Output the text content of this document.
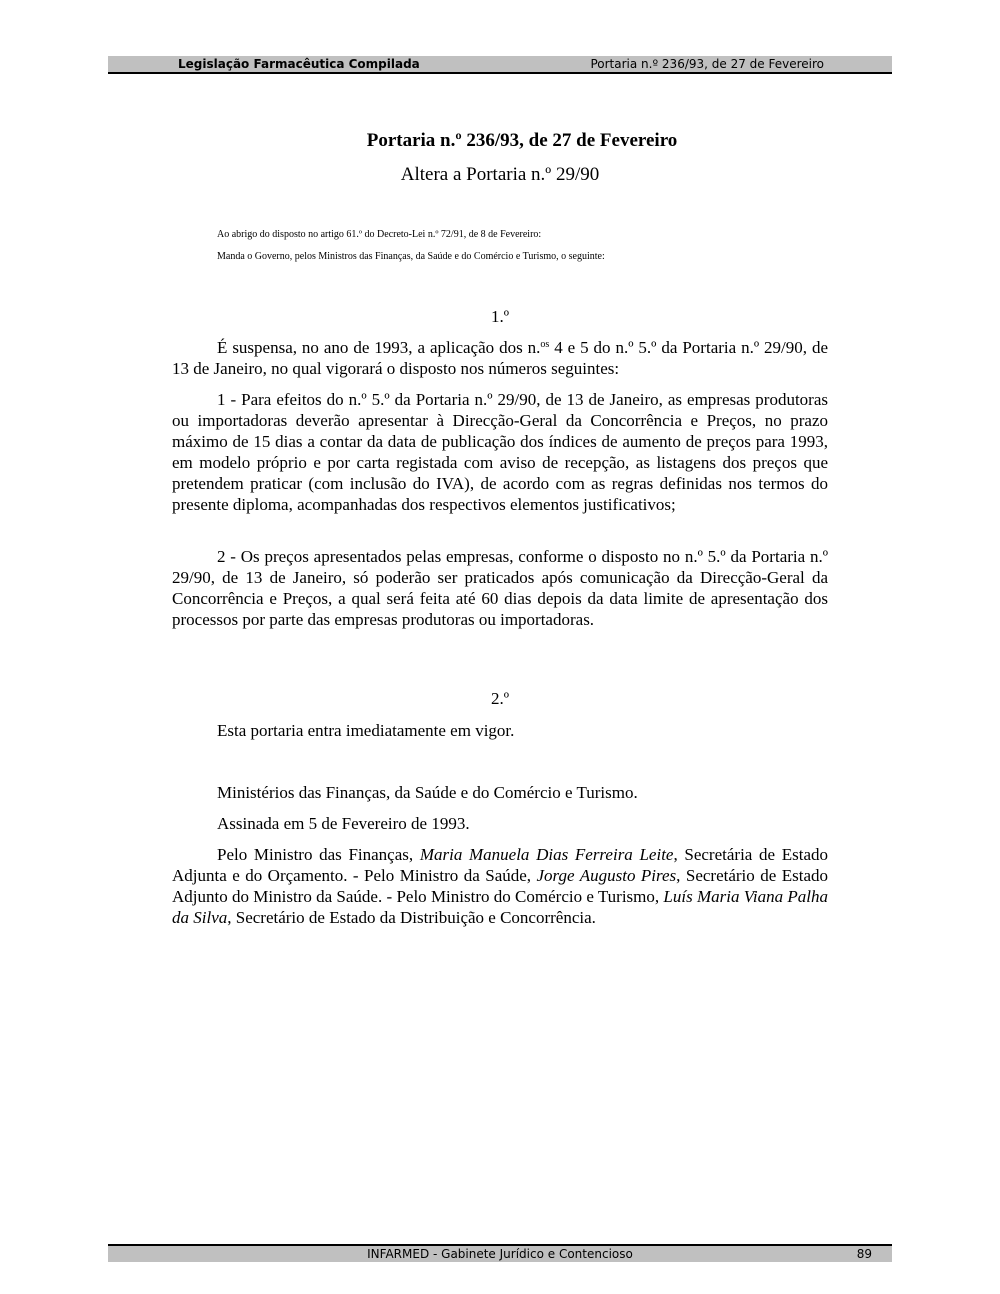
Legislação Farmacêutica Compilada	Portaria n.º 236/93, de 27 de Fevereiro
Portaria n.º 236/93, de 27 de Fevereiro
Altera a Portaria n.º 29/90
Ao abrigo do disposto no artigo 61.º do Decreto-Lei n.º 72/91, de 8 de Fevereiro:
Manda o Governo, pelos Ministros das Finanças, da Saúde e do Comércio e Turismo, o seguinte:
1.º

É suspensa, no ano de 1993, a aplicação dos n.$^{os}$ 4 e 5 do n.º 5.º da Portaria n.º 29/90, de 13 de Janeiro, no qual vigorará o disposto nos números seguintes:

1 - Para efeitos do n.º 5.º da Portaria n.º 29/90, de 13 de Janeiro, as empresas produtoras ou importadoras deverão apresentar à Direcção-Geral da Concorrência e Preços, no prazo máximo de 15 dias a contar da data de publicação dos índices de aumento de preços para 1993, em modelo próprio e por carta registada com aviso de recepção, as listagens dos preços que pretendem praticar (com inclusão do IVA), de acordo com as regras definidas nos termos do presente diploma, acompanhadas dos respectivos elementos justificativos;

2 - Os preços apresentados pelas empresas, conforme o disposto no n.º 5.º da Portaria n.º 29/90, de 13 de Janeiro, só poderão ser praticados após comunicação da Direcção-Geral da Concorrência e Preços, a qual será feita até 60 dias depois da data limite de apresentação dos processos por parte das empresas produtoras ou importadoras.

2.º
Esta portaria entra imediatamente em vigor.
Ministérios das Finanças, da Saúde e do Comércio e Turismo.
Assinada em 5 de Fevereiro de 1993.

Pelo Ministro das Finanças, Maria Manuela Dias Ferreira Leite, Secretária de Estado Adjunta e do Orçamento. - Pelo Ministro da Saúde, Jorge Augusto Pires, Secretário de Estado Adjunto do Ministro da Saúde. - Pelo Ministro do Comércio e Turismo, Luís Maria Viana Palha da Silva, Secretário de Estado da Distribuição e Concorrência.

INFARMED - Gabinete Jurídico e Contencioso	89
